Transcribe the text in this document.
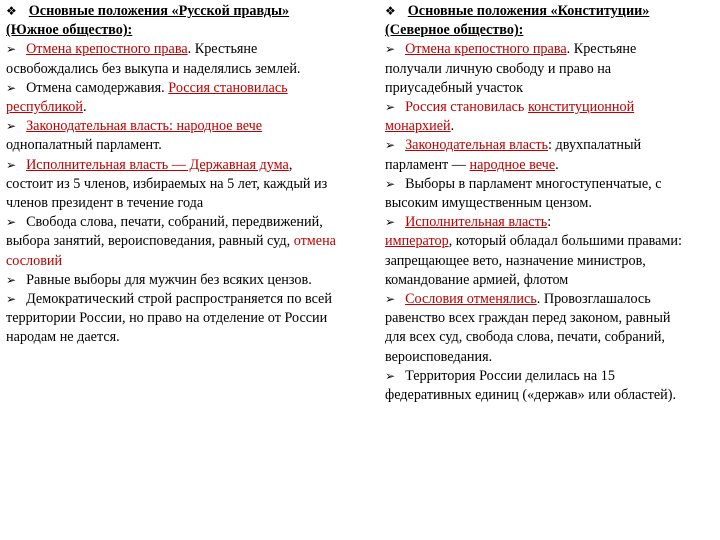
❖ Основные положения «Русской правды» (Южное общество):
➢ Отмена крепостного права. Крестьяне освобождались без выкупа и наделялись землей.
➢ Отмена самодержавия. Россия становилась республикой.
➢ Законодательная власть: народное вече однопалатный парламент.
➢ Исполнительная власть — Державная дума, состоит из 5 членов, избираемых на 5 лет, каждый из членов президент в течение года
➢ Свобода слова, печати, собраний, передвижений, выбора занятий, вероисповедания, равный суд, отмена сословий
➢ Равные выборы для мужчин без всяких цензов.
➢ Демократический строй распространяется по всей территории России, но право на отделение от России народам не дается.
❖ Основные положения «Конституции» (Северное общество):
➢ Отмена крепостного права. Крестьяне получали личную свободу и право на приусадебный участок
➢ Россия становилась конституционной монархией.
➢ Законодательная власть: двухпалатный парламент — народное вече.
➢ Выборы в парламент многоступенчатые, с высоким имущественным цензом.
➢ Исполнительная власть:
император, который обладал большими правами: запрещающее вето, назначение министров, командование армией, флотом
➢ Сословия отменялись. Провозглашалось равенство всех граждан перед законом, равный для всех суд, свобода слова, печати, собраний, вероисповедания.
➢ Территория России делилась на 15 федеративных единиц («держав» или областей).
